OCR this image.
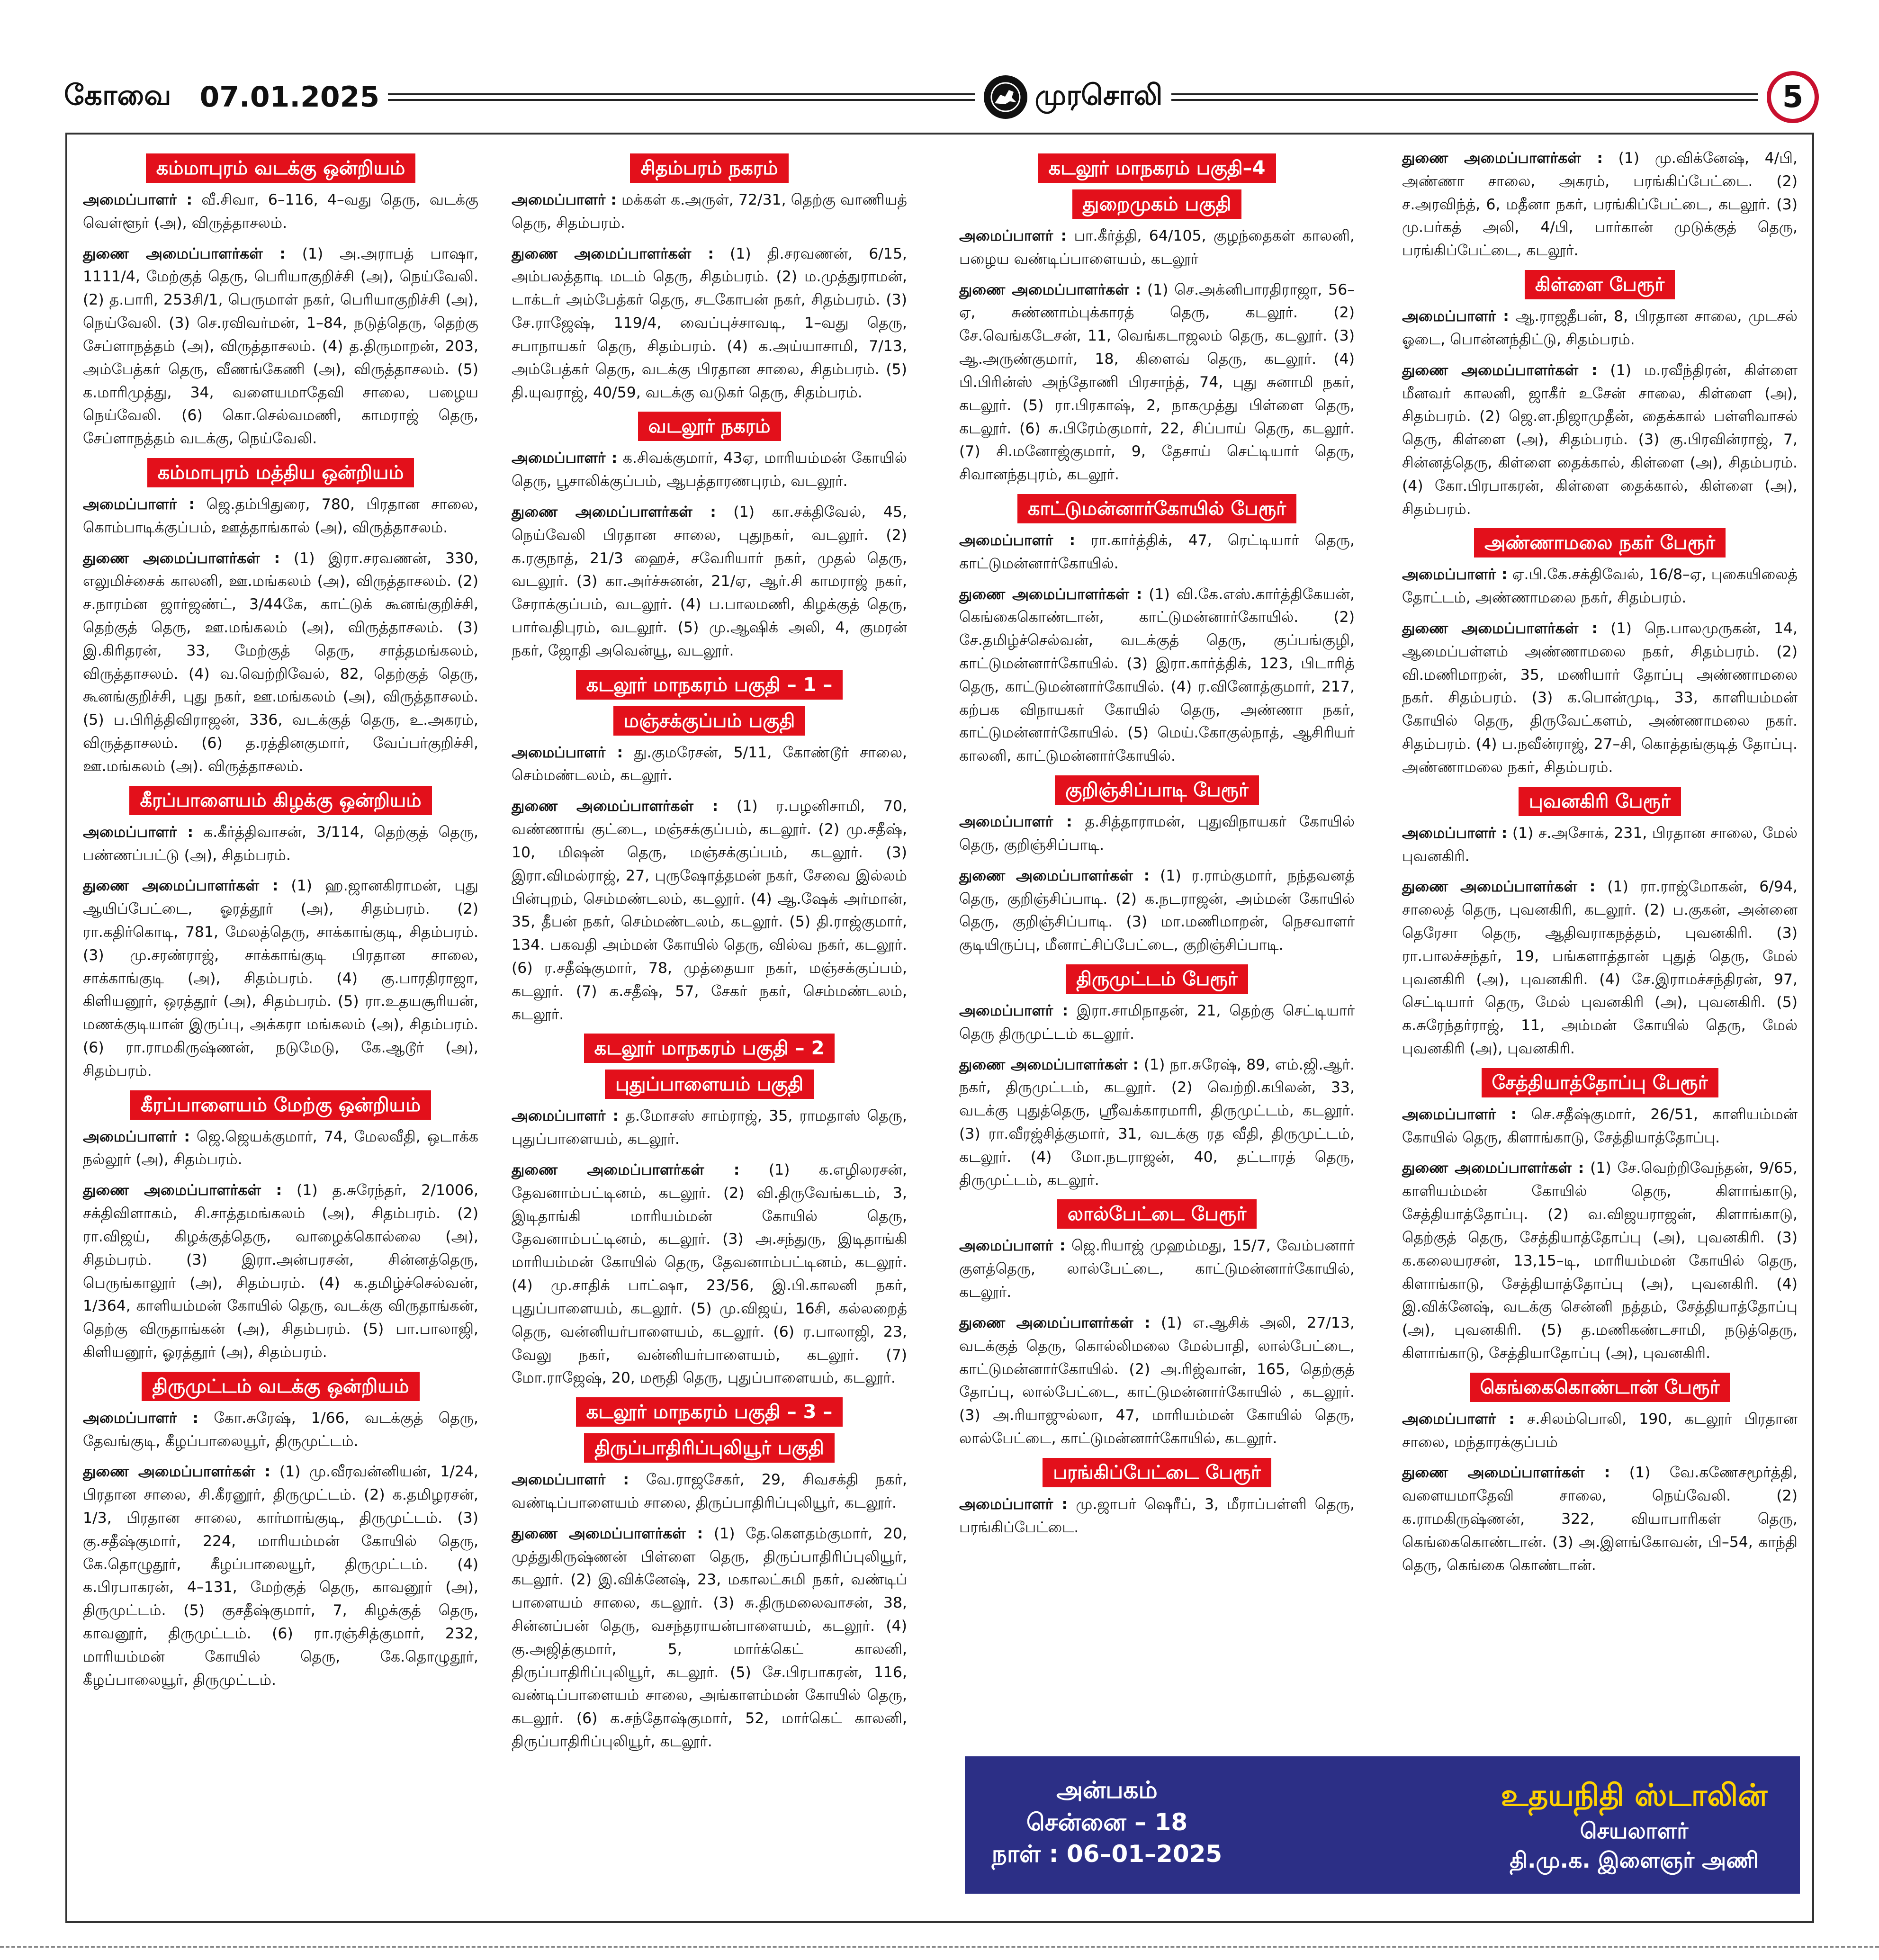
கோவை 07.01.2025	முரசொலி	5
கம்மாபுரம் வடக்கு ஒன்றியம்

அமைப்பாளர் : வீ.சிவா, 6–116, 4–வது தெரு, வடக்கு வெள்ளூர் (அ), விருத்தாசலம்.

துணை அமைப்பாளர்கள் : (1) அ.அராபத் பாஷா, 1111/4, மேற்குத் தெரு, பெரியாகுறிச்சி (அ), நெய்வேலி. (2) த.பாரி, 253சி/1, பெருமாள் நகர், பெரியாகுறிச்சி (அ), நெய்வேலி. (3) செ.ரவிவர்மன், 1–84, நடுத்தெரு, தெற்கு சேப்ளாநத்தம் (அ), விருத்தாசலம். (4) த.திருமாறன், 203, அம்பேத்கர் தெரு, வீணங்கேணி (அ), விருத்தாசலம். (5) க.மாரிமுத்து, 34, வளையமாதேவி சாலை, பழைய நெய்வேலி. (6) கொ.செல்வமணி, காமராஜ் தெரு, சேப்ளாநத்தம் வடக்கு, நெய்வேலி.

கம்மாபுரம் மத்திய ஒன்றியம்

அமைப்பாளர் : ஜெ.தம்பிதுரை, 780, பிரதான சாலை, கொம்பாடிக்குப்பம், ஊத்தாங்கால் (அ), விருத்தாசலம்.

துணை அமைப்பாளர்கள் : (1) இரா.சரவணன், 330, எலுமிச்சைக் காலனி, ஊ.மங்கலம் (அ), விருத்தாசலம். (2) ச.நாரம்ன ஜார்ஜண்ட், 3/44கே, காட்டுக் கூனங்குறிச்சி, தெற்குத் தெரு, ஊ.மங்கலம் (அ), விருத்தாசலம். (3) இ.கிரிதரன், 33, மேற்குத் தெரு, சாத்தமங்கலம், விருத்தாசலம். (4) வ.வெற்றிவேல், 82, தெற்குத் தெரு, கூனங்குறிச்சி, புது நகர், ஊ.மங்கலம் (அ), விருத்தாசலம். (5) ப.பிரித்திவிராஜன், 336, வடக்குத் தெரு, உ.அகரம், விருத்தாசலம். (6) த.ரத்தினகுமார், வேப்பர்குறிச்சி, ஊ.மங்கலம் (அ). விருத்தாசலம்.

கீரப்பாளையம் கிழக்கு ஒன்றியம்

அமைப்பாளர் : க.கீர்த்திவாசன், 3/114, தெற்குத் தெரு, பண்ணப்பட்டு (அ), சிதம்பரம்.

துணை அமைப்பாளர்கள் : (1) ஹ.ஜானகிராமன், புது ஆயிப்பேட்டை, ஓரத்தூர் (அ), சிதம்பரம். (2) ரா.கதிர்கொடி, 781, மேலத்தெரு, சாக்காங்குடி, சிதம்பரம். (3) மு.சரண்ராஜ், சாக்காங்குடி பிரதான சாலை, சாக்காங்குடி (அ), சிதம்பரம். (4) கு.பாரதிராஜா, கிளியனூர், ஒரத்தூர் (அ), சிதம்பரம். (5) ரா.உதயசூரியன், மணக்குடியான் இருப்பு, அக்கரா மங்கலம் (அ), சிதம்பரம். (6) ரா.ராமகிருஷ்ணன், நடுமேடு, கே.ஆடூர் (அ), சிதம்பரம்.

கீரப்பாளையம் மேற்கு ஒன்றியம்

அமைப்பாளர் : ஜெ.ஜெயக்குமார், 74, மேலவீதி, ஒடாக்க நல்லூர் (அ), சிதம்பரம்.

துணை அமைப்பாளர்கள் : (1) த.சுரேந்தர், 2/1006, சக்திவிளாகம், சி.சாத்தமங்கலம் (அ), சிதம்பரம். (2) ரா.விஜய், கிழக்குத்தெரு, வாழைக்கொல்லை (அ), சிதம்பரம். (3) இரா.அன்பரசன், சின்னத்தெரு, பெருங்காலூர் (அ), சிதம்பரம். (4) க.தமிழ்ச்செல்வன், 1/364, காளியம்மன் கோயில் தெரு, வடக்கு விருதாங்கன், தெற்கு விருதாங்கன் (அ), சிதம்பரம். (5) பா.பாலாஜி, கிளியனூர், ஓரத்தூர் (அ), சிதம்பரம்.

திருமுட்டம் வடக்கு ஒன்றியம்

அமைப்பாளர் : கோ.சுரேஷ், 1/66, வடக்குத் தெரு, தேவங்குடி, கீழப்பாலையூர், திருமுட்டம்.

துணை அமைப்பாளர்கள் : (1) மு.வீரவன்னியன், 1/24, பிரதான சாலை, சி.கீரனூர், திருமுட்டம். (2) க.தமிழரசன், 1/3, பிரதான சாலை, கார்மாங்குடி, திருமுட்டம். (3) கு.சதீஷ்குமார், 224, மாரியம்மன் கோயில் தெரு, கே.தொழுதூர், கீழப்பாலையூர், திருமுட்டம். (4) க.பிரபாகரன், 4–131, மேற்குத் தெரு, காவனூர் (அ), திருமுட்டம். (5) குசதீஷ்குமார், 7, கிழக்குத் தெரு, காவனூர், திருமுட்டம். (6) ரா.ரஞ்சித்குமார், 232, மாரியம்மன் கோயில் தெரு, கே.தொழுதூர், கீழப்பாலையூர், திருமுட்டம்.

சிதம்பரம் நகரம்

அமைப்பாளர் : மக்கள் க.அருள், 72/31, தெற்கு வாணியத் தெரு, சிதம்பரம்.

துணை அமைப்பாளர்கள் : (1) தி.சரவணன், 6/15, அம்பலத்தாடி மடம் தெரு, சிதம்பரம். (2) ம.முத்துராமன், டாக்டர் அம்பேத்கர் தெரு, சடகோபன் நகர், சிதம்பரம். (3) சே.ராஜேஷ், 119/4, வைப்புச்சாவடி, 1–வது தெரு, சபாநாயகர் தெரு, சிதம்பரம். (4) க.அய்யாசாமி, 7/13, அம்பேத்கர் தெரு, வடக்கு பிரதான சாலை, சிதம்பரம். (5) தி.யுவராஜ், 40/59, வடக்கு வடுகர் தெரு, சிதம்பரம்.

வடலூர் நகரம்

அமைப்பாளர் : க.சிவக்குமார், 43ஏ, மாரியம்மன் கோயில் தெரு, பூசாலிக்குப்பம், ஆபத்தாரணபுரம், வடலூர்.

துணை அமைப்பாளர்கள் : (1) கா.சக்திவேல், 45, நெய்வேலி பிரதான சாலை, புதுநகர், வடலூர். (2) க.ரகுநாத், 21/3 ஹைச், சவேரியார் நகர், முதல் தெரு, வடலூர். (3) கா.அர்ச்சுனன், 21/ஏ, ஆர்.சி காமராஜ் நகர், சேராக்குப்பம், வடலூர். (4) ப.பாலமணி, கிழக்குத் தெரு, பார்வதிபுரம், வடலூர். (5) மு.ஆஷிக் அலி, 4, குமரன் நகர், ஜோதி அவென்யூ, வடலூர்.

கடலூர் மாநகரம் பகுதி – 1 –
மஞ்சக்குப்பம் பகுதி

அமைப்பாளர் : து.குமரேசன், 5/11, கோண்டூர் சாலை, செம்மண்டலம், கடலூர்.

துணை அமைப்பாளர்கள் : (1) ர.பழனிசாமி, 70, வண்ணாங் குட்டை, மஞ்சக்குப்பம், கடலூர். (2) மு.சதீஷ், 10, மிஷன் தெரு, மஞ்சக்குப்பம், கடலூர். (3) இரா.விமல்ராஜ், 27, புருஷோத்தமன் நகர், சேவை இல்லம் பின்புறம், செம்மண்டலம், கடலூர். (4) ஆ.ஷேக் அர்மான், 35, தீபன் நகர், செம்மண்டலம், கடலூர். (5) தி.ராஜ்குமார், 134. பகவதி அம்மன் கோயில் தெரு, வில்வ நகர், கடலூர். (6) ர.சதீஷ்குமார், 78, முத்தையா நகர், மஞ்சக்குப்பம், கடலூர். (7) க.சதீஷ், 57, சேகர் நகர், செம்மண்டலம், கடலூர்.

கடலூர் மாநகரம் பகுதி – 2
புதுப்பாளையம் பகுதி

அமைப்பாளர் : த.மோசஸ் சாம்ராஜ், 35, ராமதாஸ் தெரு, புதுப்பாளையம், கடலூர்.

துணை அமைப்பாளர்கள் : (1) க.எழிலரசன், தேவனாம்பட்டினம், கடலூர். (2) வி.திருவேங்கடம், 3, இடிதாங்கி மாரியம்மன் கோயில் தெரு, தேவனாம்பட்டினம், கடலூர். (3) அ.சந்துரு, இடிதாங்கி மாரியம்மன் கோயில் தெரு, தேவனாம்பட்டினம், கடலூர். (4) மு.சாதிக் பாட்ஷா, 23/56, இ.பி.காலனி நகர், புதுப்பாளையம், கடலூர். (5) மு.விஜய், 16சி, கல்லறைத் தெரு, வன்னியர்பாளையம், கடலூர். (6) ர.பாலாஜி, 23, வேலு நகர், வன்னியர்பாளையம், கடலூர். (7) மோ.ராஜேஷ், 20, மரூதி தெரு, புதுப்பாளையம், கடலூர்.

கடலூர் மாநகரம் பகுதி – 3 –
திருப்பாதிரிப்புலியூர் பகுதி

அமைப்பாளர் : வே.ராஜசேகர், 29, சிவசக்தி நகர், வண்டிப்பாளையம் சாலை, திருப்பாதிரிப்புலியூர், கடலூர்.

துணை அமைப்பாளர்கள் : (1) தே.கௌதம்குமார், 20, முத்துகிருஷ்ணன் பிள்ளை தெரு, திருப்பாதிரிப்புலியூர், கடலூர். (2) இ.விக்னேஷ், 23, மகாலட்சுமி நகர், வண்டிப் பாளையம் சாலை, கடலூர். (3) சு.திருமலைவாசன், 38, சின்னப்பன் தெரு, வசந்தராயன்பாளையம், கடலூர். (4) கு.அஜித்குமார், 5, மார்க்கெட் காலனி, திருப்பாதிரிப்புலியூர், கடலூர். (5) சே.பிரபாகரன், 116, வண்டிப்பாளையம் சாலை, அங்காளம்மன் கோயில் தெரு, கடலூர். (6) க.சந்தோஷ்குமார், 52, மார்கெட் காலனி, திருப்பாதிரிப்புலியூர், கடலூர்.

கடலூர் மாநகரம் பகுதி–4
துறைமுகம் பகுதி

அமைப்பாளர் : பா.கீர்த்தி, 64/105, குழந்தைகள் காலனி, பழைய வண்டிப்பாளையம், கடலூர்

துணை அமைப்பாளர்கள் : (1) செ.அக்னிபாரதிராஜா, 56–ஏ, சுண்ணாம்புக்காரத் தெரு, கடலூர். (2) சே.வெங்கடேசன், 11, வெங்கடாஜலம் தெரு, கடலூர். (3) ஆ.அருண்குமார், 18, கிளைவ் தெரு, கடலூர். (4) பி.பிரின்ஸ் அந்தோணி பிரசாந்த், 74, புது சுனாமி நகர், கடலூர். (5) ரா.பிரகாஷ், 2, நாகமுத்து பிள்ளை தெரு, கடலூர். (6) சு.பிரேம்குமார், 22, சிப்பாய் தெரு, கடலூர். (7) சி.மனோஜ்குமார், 9, தேசாய் செட்டியார் தெரு, சிவானந்தபுரம், கடலூர்.

காட்டுமன்னார்கோயில் பேரூர்

அமைப்பாளர் : ரா.கார்த்திக், 47, ரெட்டியார் தெரு, காட்டுமன்னார்கோயில்.

துணை அமைப்பாளர்கள் : (1) வி.கே.எஸ்.கார்த்திகேயன், கெங்கைகொண்டான், காட்டுமன்னார்கோயில். (2) சே.தமிழ்ச்செல்வன், வடக்குத் தெரு, குப்பங்குழி, காட்டுமன்னார்கோயில். (3) இரா.கார்த்திக், 123, பிடாரித் தெரு, காட்டுமன்னார்கோயில். (4) ர.வினோத்குமார், 217, கற்பக விநாயகர் கோயில் தெரு, அண்ணா நகர், காட்டுமன்னார்கோயில். (5) மெய்.கோகுல்நாத், ஆசிரியர் காலனி, காட்டுமன்னார்கோயில்.

குறிஞ்சிப்பாடி பேரூர்

அமைப்பாளர் : த.சித்தாராமன், புதுவிநாயகர் கோயில் தெரு, குறிஞ்சிப்பாடி.

துணை அமைப்பாளர்கள் : (1) ர.ராம்குமார், நந்தவனத் தெரு, குறிஞ்சிப்பாடி. (2) க.நடராஜன், அம்மன் கோயில் தெரு, குறிஞ்சிப்பாடி. (3) மா.மணிமாறன், நெசவாளர் குடியிருப்பு, மீனாட்சிப்பேட்டை, குறிஞ்சிப்பாடி.

திருமுட்டம் பேரூர்

அமைப்பாளர் : இரா.சாமிநாதன், 21, தெற்கு செட்டியார் தெரு திருமுட்டம் கடலூர்.

துணை அமைப்பாளர்கள் : (1) நா.சுரேஷ், 89, எம்.ஜி.ஆர். நகர், திருமுட்டம், கடலூர். (2) வெற்றி.கபிலன், 33, வடக்கு புதுத்தெரு, ஸ்ரீவக்காரமாரி, திருமுட்டம், கடலூர். (3) ரா.வீரஜ்சித்குமார், 31, வடக்கு ரத வீதி, திருமுட்டம், கடலூர். (4) மோ.நடராஜன், 40, தட்டாரத் தெரு, திருமுட்டம், கடலூர்.

லால்பேட்டை பேரூர்

அமைப்பாளர் : ஜெ.ரியாஜ் முஹம்மது, 15/7, வேம்பனார் குளத்தெரு, லால்பேட்டை, காட்டுமன்னார்கோயில், கடலூர்.

துணை அமைப்பாளர்கள் : (1) எ.ஆசிக் அலி, 27/13, வடக்குத் தெரு, கொல்லிமலை மேல்பாதி, லால்பேட்டை, காட்டுமன்னார்கோயில். (2) அ.ரிஜ்வான், 165, தெற்குத் தோப்பு, லால்பேட்டை, காட்டுமன்னார்கோயில் , கடலூர். (3) அ.ரியாஜுல்லா, 47, மாரியம்மன் கோயில் தெரு, லால்பேட்டை, காட்டுமன்னார்கோயில், கடலூர்.

பரங்கிப்பேட்டை பேரூர்

அமைப்பாளர் : மு.ஜாபர் ஷெரீப், 3, மீராப்பள்ளி தெரு, பரங்கிப்பேட்டை.

துணை அமைப்பாளர்கள் : (1) மு.விக்னேஷ், 4/பி, அண்ணா சாலை, அகரம், பரங்கிப்பேட்டை. (2) ச.அரவிந்த், 6, மதீனா நகர், பரங்கிப்பேட்டை, கடலூர். (3) மு.பர்கத் அலி, 4/பி, பார்கான் முடுக்குத் தெரு, பரங்கிப்பேட்டை, கடலூர்.

கிள்ளை பேரூர்

அமைப்பாளர் : ஆ.ராஜதீபன், 8, பிரதான சாலை, முடசல் ஓடை, பொன்னந்திட்டு, சிதம்பரம்.

துணை அமைப்பாளர்கள் : (1) ம.ரவீந்திரன், கிள்ளை மீனவர் காலனி, ஜாகீர் உசேன் சாலை, கிள்ளை (அ), சிதம்பரம். (2) ஜெ.ள.நிஜாமுதீன், தைக்கால் பள்ளிவாசல் தெரு, கிள்ளை (அ), சிதம்பரம். (3) கு.பிரவின்ராஜ், 7, சின்னத்தெரு, கிள்ளை தைக்கால், கிள்ளை (அ), சிதம்பரம். (4) கோ.பிரபாகரன், கிள்ளை தைக்கால், கிள்ளை (அ), சிதம்பரம்.

அண்ணாமலை நகர் பேரூர்

அமைப்பாளர் : ஏ.பி.கே.சக்திவேல், 16/8–ஏ, புகையிலைத் தோட்டம், அண்ணாமலை நகர், சிதம்பரம்.

துணை அமைப்பாளர்கள் : (1) நெ.பாலமுருகன், 14, ஆமைப்பள்ளம் அண்ணாமலை நகர், சிதம்பரம். (2) வி.மணிமாறன், 35, மணியார் தோப்பு அண்ணாமலை நகர். சிதம்பரம். (3) க.பொன்முடி, 33, காளியம்மன் கோயில் தெரு, திருவேட்களம், அண்ணாமலை நகர். சிதம்பரம். (4) ப.நவீன்ராஜ், 27–சி, கொத்தங்குடித் தோப்பு. அண்ணாமலை நகர், சிதம்பரம்.

புவனகிரி பேரூர்

அமைப்பாளர் : (1) ச.அசோக், 231, பிரதான சாலை, மேல் புவனகிரி.

துணை அமைப்பாளர்கள் : (1) ரா.ராஜ்மோகன், 6/94, சாலைத் தெரு, புவனகிரி, கடலூர். (2) ப.குகன், அன்னை தெரேசா தெரு, ஆதிவராகநத்தம், புவனகிரி. (3) ரா.பாலச்சந்தர், 19, பங்களாத்தான் புதுத் தெரு, மேல் புவனகிரி (அ), புவனகிரி. (4) சே.இராமச்சந்திரன், 97, செட்டியார் தெரு, மேல் புவனகிரி (அ), புவனகிரி. (5) க.சுரேந்தர்ராஜ், 11, அம்மன் கோயில் தெரு, மேல் புவனகிரி (அ), புவனகிரி.

சேத்தியாத்தோப்பு பேரூர்

அமைப்பாளர் : செ.சதீஷ்குமார், 26/51, காளியம்மன் கோயில் தெரு, கிளாங்காடு, சேத்தியாத்தோப்பு.

துணை அமைப்பாளர்கள் : (1) சே.வெற்றிவேந்தன், 9/65, காளியம்மன் கோயில் தெரு, கிளாங்காடு, சேத்தியாத்தோப்பு. (2) வ.விஜயராஜன், கிளாங்காடு, தெற்குத் தெரு, சேத்தியாத்தோப்பு (அ), புவனகிரி. (3) க.கலையரசன், 13,15–டி, மாரியம்மன் கோயில் தெரு, கிளாங்காடு, சேத்தியாத்தோப்பு (அ), புவனகிரி. (4) இ.விக்னேஷ், வடக்கு சென்னி நத்தம், சேத்தியாத்தோப்பு (அ), புவனகிரி. (5) த.மணிகண்டசாமி, நடுத்தெரு, கிளாங்காடு, சேத்தியாதோப்பு (அ), புவனகிரி.

கெங்கைகொண்டான் பேரூர்

அமைப்பாளர் : ச.சிலம்பொலி, 190, கடலூர் பிரதான சாலை, மந்தாரக்குப்பம்

துணை அமைப்பாளர்கள் : (1) வே.கணேசமூர்த்தி, வளையமாதேவி சாலை, நெய்வேலி. (2) க.ராமகிருஷ்ணன், 322, வியாபாரிகள் தெரு, கெங்கைகொண்டான். (3) அ.இளங்கோவன், பி–54, காந்தி தெரு, கெங்கை கொண்டான்.

அன்பகம்
சென்னை – 18
நாள் : 06–01–2025
உதயநிதி ஸ்டாலின்
செயலாளர்
தி.மு.க. இளைஞர் அணி
